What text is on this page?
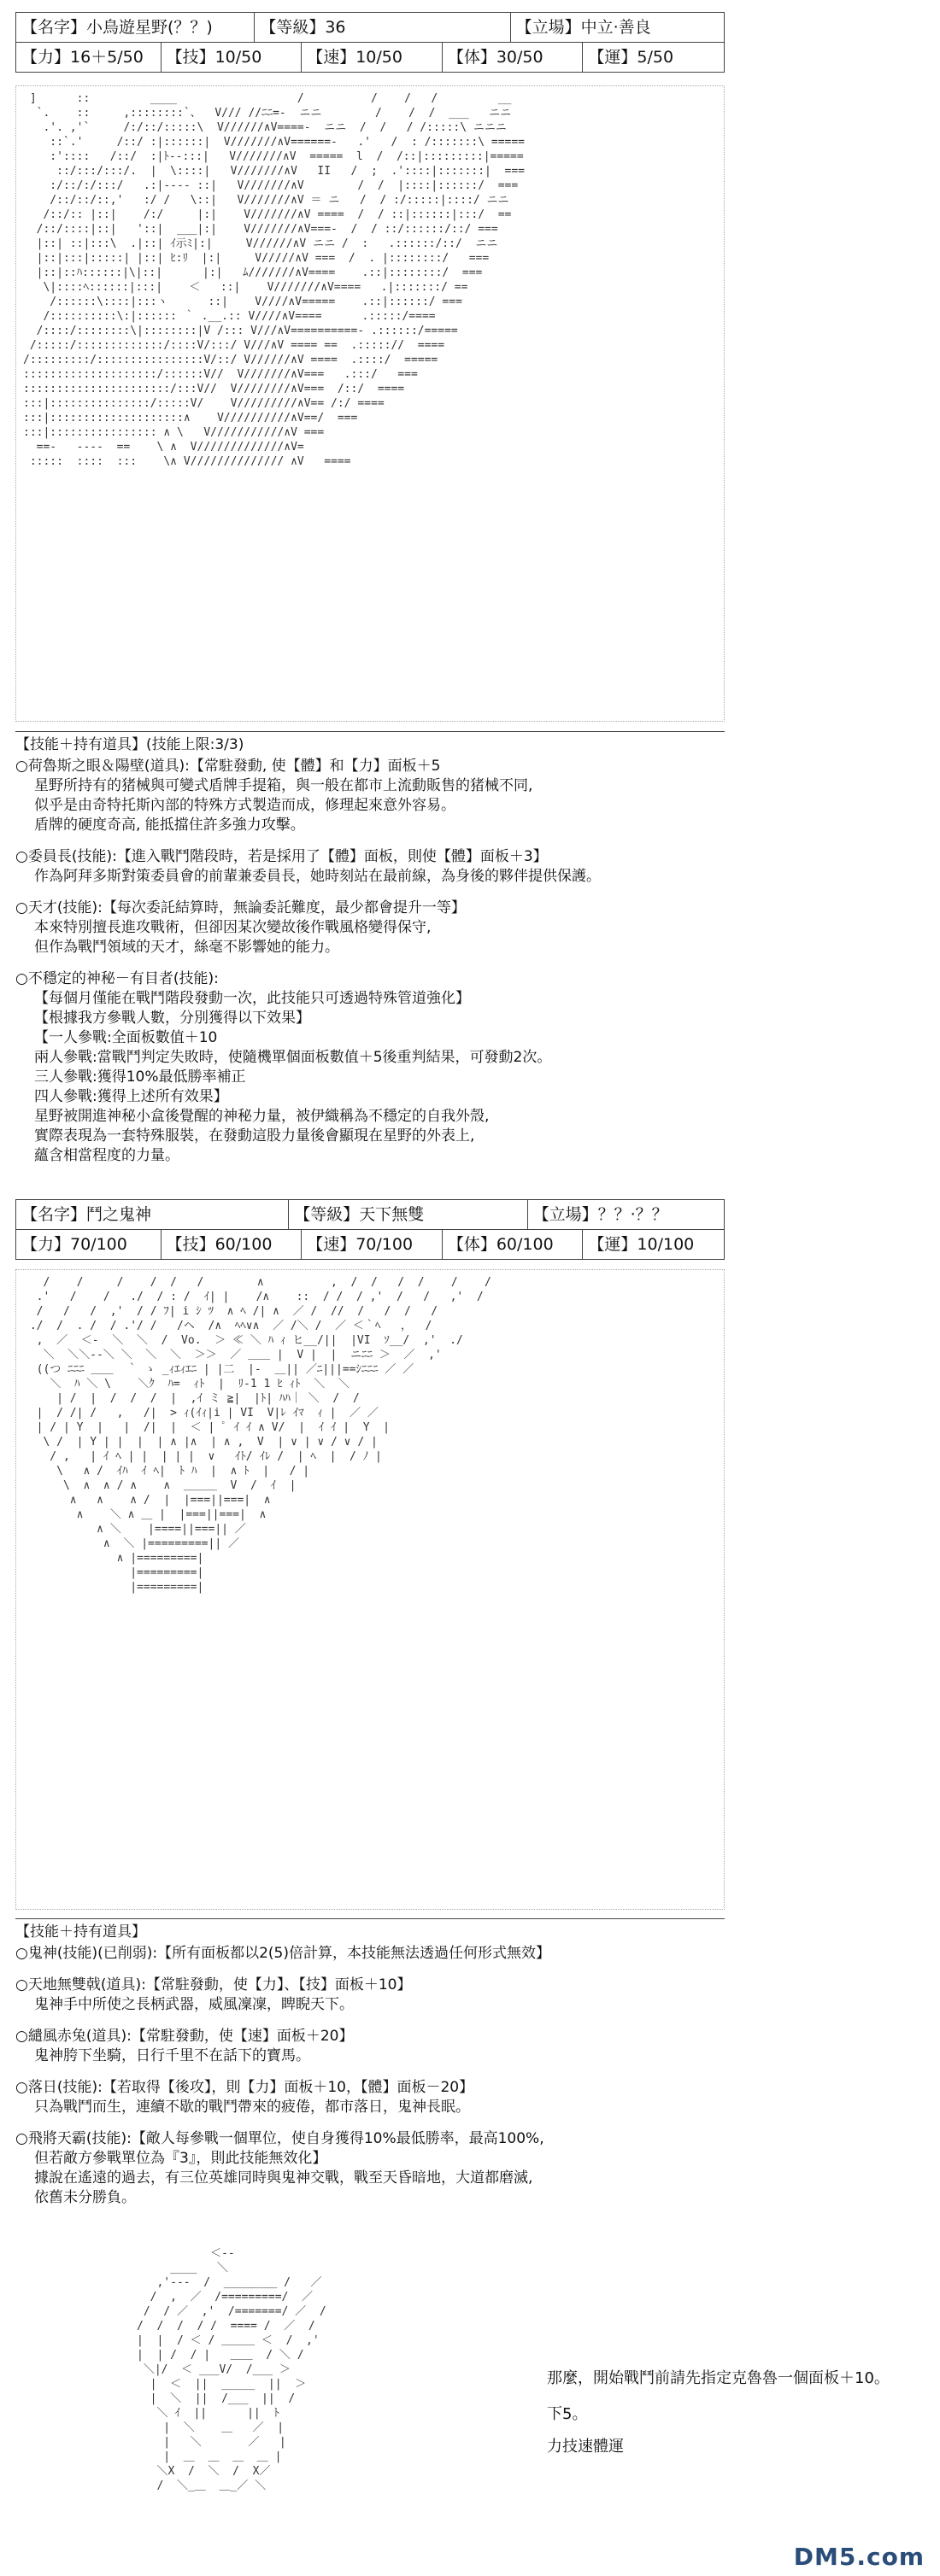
【名字】小鳥遊星野(？？)	【等級】36	【立場】中立·善良
【力】16＋5/50	【技】10/50	【速】10/50	【体】30/50	【運】5/50
]      ::         ____                  /          /    /   /         __
`.    ::     ,::::::::`、  V/// //ﾆﾆ=-  ニニ        /    /  /  ___   ニニ
.'. ,'`     /:/::/:::::\  V//////∧V====-  ニニ  /  /   / /:::::\ ニニニ
::`.'     /::/ :|::::::|  V///////∧V======-   .'   /  : /:::::::\ =====
:'::::   /::/  :|ﾄ--:::|   V///////∧V  =====  l  /  /::|:::::::::|=====
::/:::/:::/.  |  \::::|   V///////∧V   II   /  ;  .'::::|:::::::|  ===
:/::/:/:::/   .:|---- ::|   V///////∧V        /  /  |::::|::::::/  ===
/::/::/::,'   :/ /   \::|   V///////∧V ＝ ニ   /  / :/:::::|::::/ ニニ
/::/:: |::|    /:/     |:|    V///////∧V ====  /  / ::|::::::|:::/  ==
/::/::::|::|   '::|  ___|:|    V///////∧V===-  /  / ::/::::::/::/ ===
|::| ::|:::\  .|::| ｲ示ﾐ|:|     V//////∧V ニニ /  :   .::::::/::/  ニニ
|::|:::|:::::| |::| ﾋ:ﾘ  |:|     V/////∧V ===  /  . |::::::::/   ===
|::|::ﾊ::::::|\|::|      |:|   ﾑ///////∧V====    .::|::::::::/  ===
\|::::ﾍ::::::|:::|    ＜   ::|    V///////∧V====   .|:::::::/ ==
/::::::\::::|:::ヽ      ::|    V////∧V=====    .::|::::::/ ===
/::::::::::\:|:::::: ｀ .__.:: V////∧V====      .:::::/====
/::::/::::::::\|::::::::|V /::: V///∧V==========- .::::::/=====
/:::::/:::::::::::::/::::V/:::/ V///∧V ==== ==  .::::://  ====
/:::::::::/::::::::::::::::V/::/ V//////∧V ====  .::::/  =====
::::::::::::::::::::/::::::V//  V///////∧V===   .:::/   ===
::::::::::::::::::::::/:::V//  V////////∧V===  /::/  ====
:::|:::::::::::::::/:::::V/    V/////////∧V== /:/ ====
:::|::::::::::::::::::::∧    V//////////∧V==/  ===
:::|:::::::::::::::: ∧ \   V///////////∧V ===
==-   ----  ==    \ ∧  V/////////////∧V=
:::::  ::::  :::    \∧ V////////////// ∧V   ====

【技能＋持有道具】(技能上限:3/3)
○荷魯斯之眼＆陽壁(道具):【常駐發動, 使【體】和【力】面板＋5
星野所持有的猪械與可變式盾牌手提箱，與一般在都市上流動販售的猪械不同,
似乎是由奇特托斯內部的特殊方式製造而成，修理起來意外容易。
盾牌的硬度奇高, 能抵擋住許多強力攻擊。
○委員長(技能):【進入戰鬥階段時，若是採用了【體】面板，則使【體】面板＋3】
作為阿拜多斯對策委員會的前輩兼委員長，她時刻站在最前線，為身後的夥伴提供保護。
○天才(技能):【每次委託結算時，無論委託難度，最少都會提升一等】
本來特別擅長進攻戰術，但卻因某次變故後作戰風格變得保守,
但作為戰鬥領域的天才，絲毫不影響她的能力。
○不穩定的神秘－有目者(技能):
【每個月僅能在戰鬥階段發動一次，此技能只可透過特殊管道強化】
【根據我方參戰人數，分別獲得以下效果】
【一人參戰:全面板數值＋10
兩人參戰:當戰鬥判定失敗時，使隨機單個面板數值＋5後重判結果，可發動2次。
三人參戰:獲得10%最低勝率補正
四人參戰:獲得上述所有效果】
星野被開進神秘小盒後覺醒的神秘力量，被伊織稱為不穩定的自我外殼,
實際表現為一套特殊服裝，在發動這股力量後會顯現在星野的外表上,
蘊含相當程度的力量。
【名字】鬥之鬼神	【等級】天下無雙	【立場】？？·？？
【力】70/100	【技】60/100	【速】70/100	【体】60/100	【運】10/100
/    /     /    /  /   /        ∧          ,  /  /   /  /    /    /
.'   /    /   ./  / : /  ｲ| |    /∧    ::  / /  / ,'  /   /   ,'  /
/   /   /  ,'  / / ﾌ| i ｼ ﾂ  ∧ ﾍ /| ∧  ／ /  //  /   /  /   /
./  /  . /  / .'/ /   /ヘ  /∧  ﾍﾍ∨∧  ／ /＼ /  ／ ＜｀ﾍ   ，  /
,  ／  ＜-  ＼  ＼  /  Vo.  ＞ ≪ ＼ ﾊ ｨ ヒ__/||  |VI  ｿ__/  ,'  ./
＼  ＼＼--＼ ＼  ＼  ＼  ＞＞  ／ ＿＿ |  V |  |  ニﾆﾆ ＞  ／  ,'
((つ ﾆﾆﾆ ＿＿  ｀ ゝ _ｨｴｨｴﾆ | |二  |-  ＿|| ／ﾆ|||==ｼﾆﾆﾆ ／ ／
＼  ﾊ ＼ \    ＼ｸ  ﾊ=  ｨﾄ  |  ﾘ-1 1 ﾋ ｨﾄ  ＼  ＼
| /  |  /  /  /  |  ,ｲ ミ ≧|  |ﾄ| ﾊﾊ｜ ＼  /  /
|  / /| /   ,   /|  > ｨ(ｲｨ|i | VI  V|ﾚ ｲﾏ  ｨ |  ／ ／
| / | Y  |   |  /|  |  ＜ | ﾟ ｲ ｲ ∧ V/  |  ｲ ｲ |  Y  |
\ /  | Y | |  |  | ∧ |∧  | ∧ ,  V  | ∨ | ∨ / ∨ / |
/ ,   | ｲ ﾍ | |  | | |  ∨   ｲﾄ/ ｲﾚ /  | ﾍ  |  / ﾉ |
\   ∧ /  ｲﾊ  ｲ ﾍ|  ﾄ ﾊ  |  ∧ ﾄ  |   / |
\  ∧  ∧ / ∧    ∧  ＿＿＿  V  /  ｲ  |
∧   ∧    ∧ /  |  |===||===|  ∧
∧    ＼ ∧ ＿ |  |===||===|  ∧
∧ ＼    |====||===|| ／
∧  ＼ |=========|| ／
∧ |=========|
|=========|
|=========|

【技能＋持有道具】
○鬼神(技能)(已削弱):【所有面板都以2(5)倍計算，本技能無法透過任何形式無效】
○天地無雙戟(道具):【常駐發動，使【力】、【技】面板＋10】
鬼神手中所使之長柄武器，威風凜凜，睥睨天下。
○繾風赤兔(道具):【常駐發動，使【速】面板＋20】
鬼神胯下坐騎，日行千里不在話下的寶馬。
○落日(技能):【若取得【後攻】，則【力】面板＋10，【體】面板－20】
只為戰鬥而生，連續不歇的戰鬥帶來的疲倦，都市落日，鬼神長眠。
○飛將天霸(技能):【敵人每參戰一個單位，使自身獲得10%最低勝率，最高100%,
但若敵方參戰單位為『3』，則此技能無效化】
據說在遙遠的過去，有三位英雄同時與鬼神交戰，戰至天昏暗地，大道都磨滅,
依舊未分勝負。
＜--
____   ＼
,'---  /  ________ /   ／
/  ,  ／  /=========/  ／
/  / ／  ,'  /=======/ ／  /
/  /  /  / /  ==== /  ／  /
|  |  / ＜ / ＿＿＿ ＜  /  ,'
|  | /  / |   ＿＿  / ＼ /
＼|/  ＜ ___V/  /___ ＞
|  ＜  ||  _____  ||  ＞
|  ＼  ||  /___  ||  /
＼ ｲ  ||      ||  ﾄ
|  ＼    ＿   ／  |
|   ＼       ／   |
|  ＿  ＿  ＿  ＿ |
＼X  /  ＼  /  X／
/  ＼_＿  ＿_／ ＼

那麼，開始戰鬥前請先指定克魯魯一個面板＋10。
下5。
力技速體運
DM5.com
